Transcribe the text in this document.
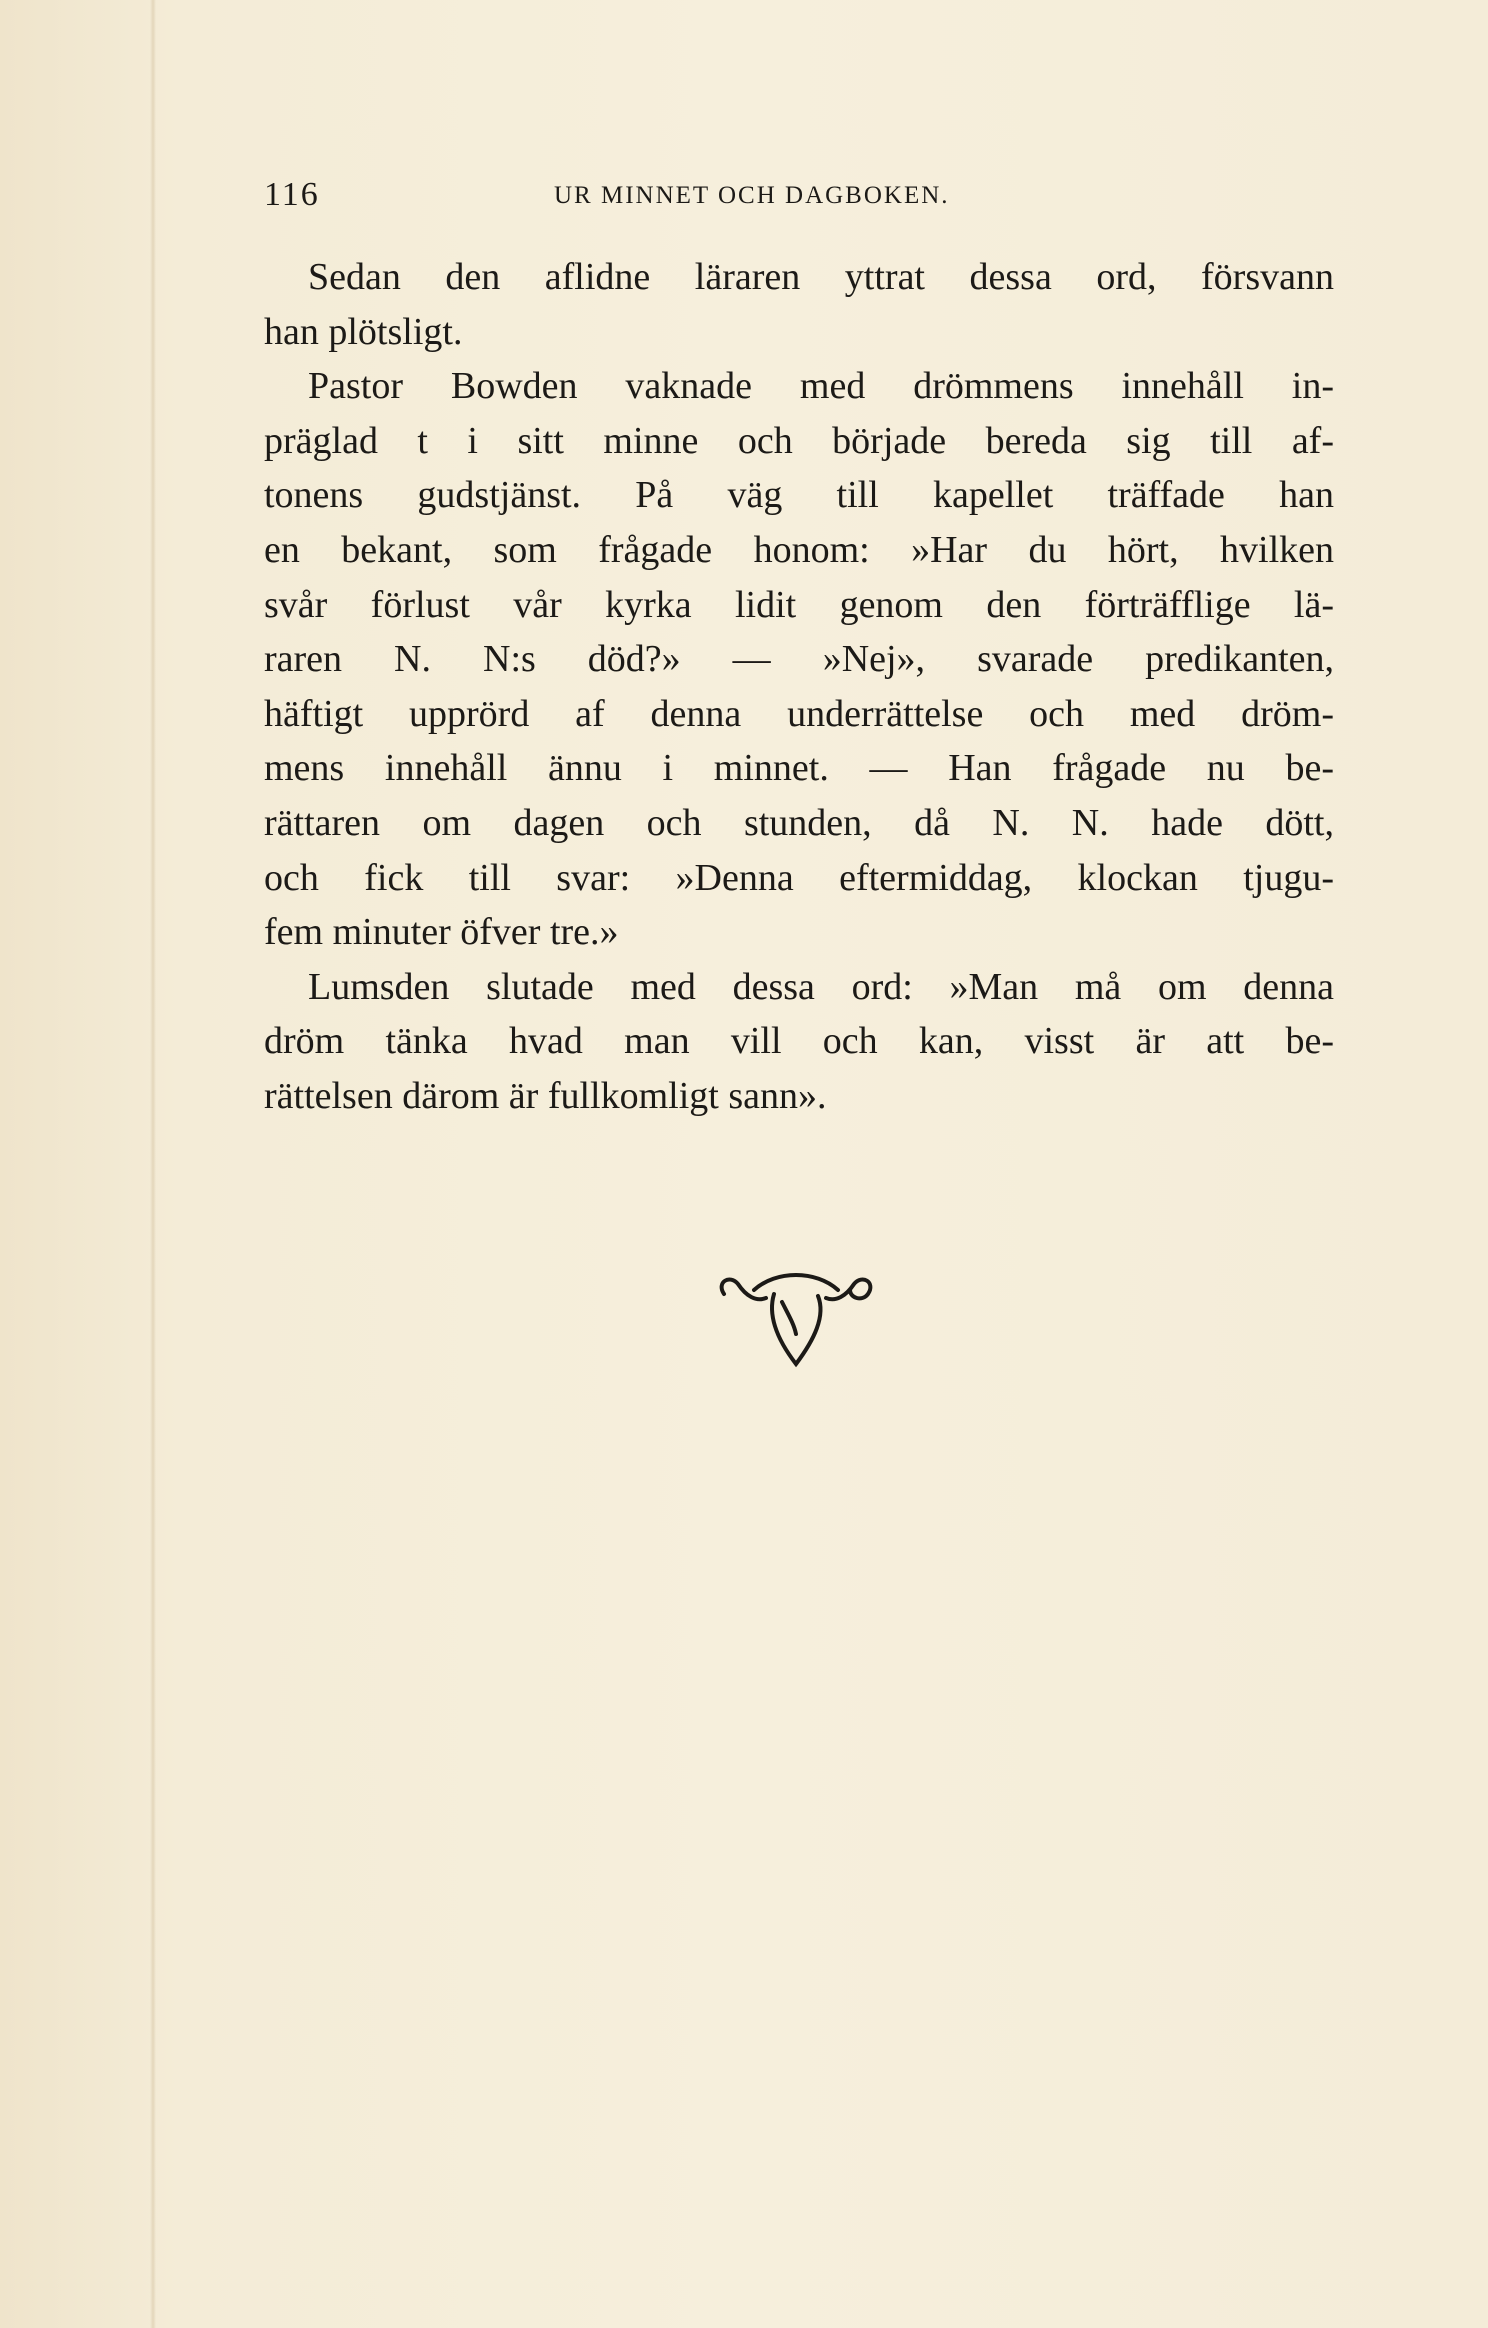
116	UR MINNET OCH DAGBOKEN.
Sedan den aflidne läraren yttrat dessa ord, försvann
han plötsligt.
Pastor Bowden vaknade med drömmens innehåll in-
präglad t i sitt minne och började bereda sig till af-
tonens gudstjänst. På väg till kapellet träffade han
en bekant, som frågade honom: »Har du hört, hvilken
svår förlust vår kyrka lidit genom den förträfflige lä-
raren N. N:s död?» — »Nej», svarade predikanten,
häftigt upprörd af denna underrättelse och med dröm-
mens innehåll ännu i minnet. — Han frågade nu be-
rättaren om dagen och stunden, då N. N. hade dött,
och fick till svar: »Denna eftermiddag, klockan tjugu-
fem minuter öfver tre.»
Lumsden slutade med dessa ord: »Man må om denna
dröm tänka hvad man vill och kan, visst är att be-
rättelsen därom är fullkomligt sann».
